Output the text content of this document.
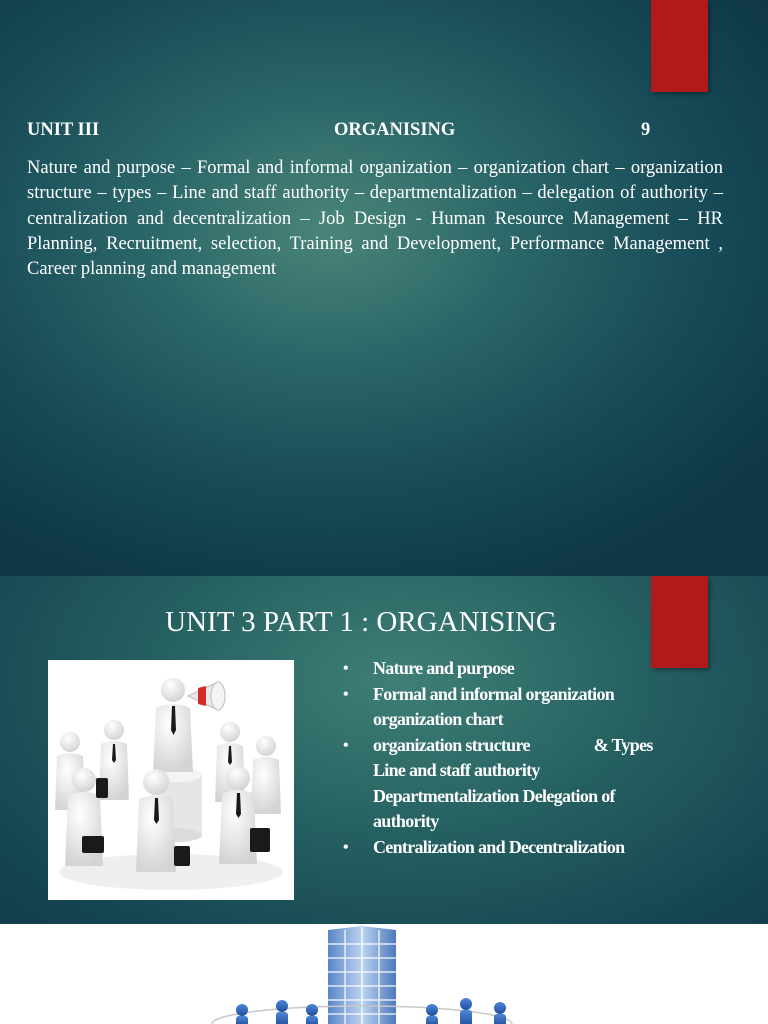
UNIT III	ORGANISING	9

Nature and purpose – Formal and informal organization – organization chart – organization structure – types – Line and staff authority – departmentalization – delegation of authority – centralization and decentralization – Job Design - Human Resource Management – HR Planning, Recruitment, selection, Training and Development, Performance Management , Career planning and management

UNIT 3 PART 1 : ORGANISING
• Nature and purpose
• Formal and informal organization
organization chart
• organization structure	& Types
Line and staff authority
Departmentalization Delegation of
authority
• Centralization and Decentralization
